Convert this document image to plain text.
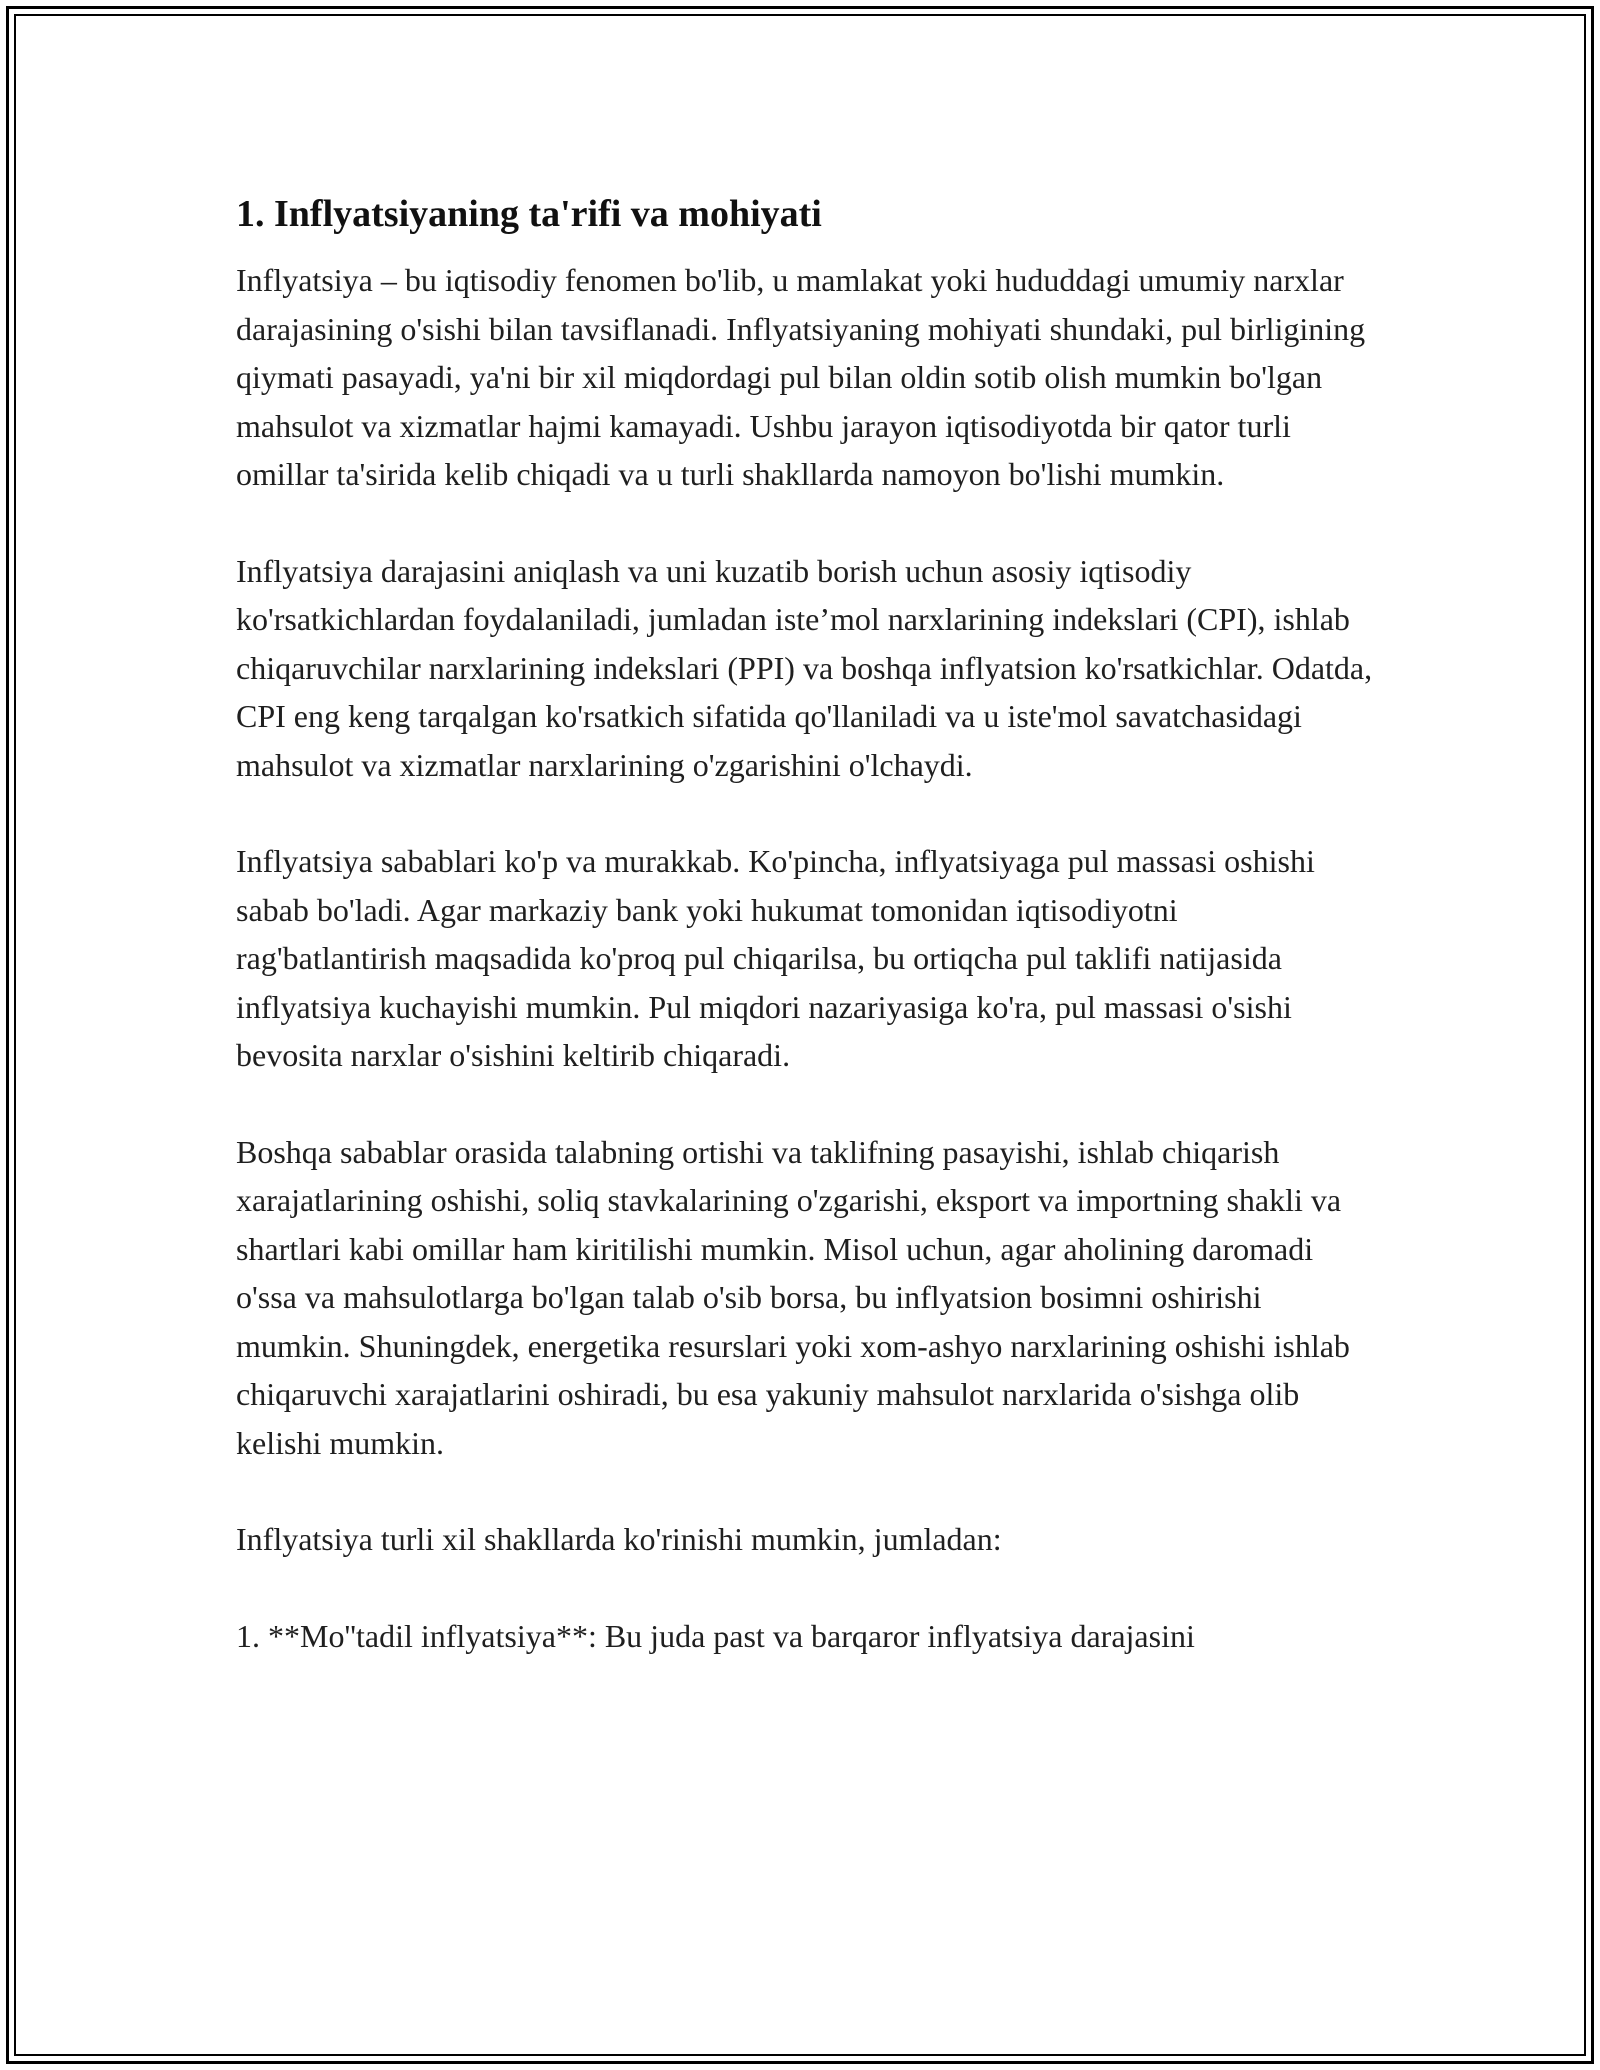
1. Inflyatsiyaning ta'rifi va mohiyati

Inflyatsiya – bu iqtisodiy fenomen bo'lib, u mamlakat yoki hududdagi umumiy narxlar darajasining o'sishi bilan tavsiflanadi. Inflyatsiyaning mohiyati shundaki, pul birligining qiymati pasayadi, ya'ni bir xil miqdordagi pul bilan oldin sotib olish mumkin bo'lgan mahsulot va xizmatlar hajmi kamayadi. Ushbu jarayon iqtisodiyotda bir qator turli omillar ta'sirida kelib chiqadi va u turli shakllarda namoyon bo'lishi mumkin.

Inflyatsiya darajasini aniqlash va uni kuzatib borish uchun asosiy iqtisodiy ko'rsatkichlardan foydalaniladi, jumladan iste’mol narxlarining indekslari (CPI), ishlab chiqaruvchilar narxlarining indekslari (PPI) va boshqa inflyatsion ko'rsatkichlar. Odatda, CPI eng keng tarqalgan ko'rsatkich sifatida qo'llaniladi va u iste'mol savatchasidagi mahsulot va xizmatlar narxlarining o'zgarishini o'lchaydi.

Inflyatsiya sabablari ko'p va murakkab. Ko'pincha, inflyatsiyaga pul massasi oshishi sabab bo'ladi. Agar markaziy bank yoki hukumat tomonidan iqtisodiyotni rag'batlantirish maqsadida ko'proq pul chiqarilsa, bu ortiqcha pul taklifi natijasida inflyatsiya kuchayishi mumkin. Pul miqdori nazariyasiga ko'ra, pul massasi o'sishi bevosita narxlar o'sishini keltirib chiqaradi.

Boshqa sabablar orasida talabning ortishi va taklifning pasayishi, ishlab chiqarish xarajatlarining oshishi, soliq stavkalarining o'zgarishi, eksport va importning shakli va shartlari kabi omillar ham kiritilishi mumkin. Misol uchun, agar aholining daromadi o'ssa va mahsulotlarga bo'lgan talab o'sib borsa, bu inflyatsion bosimni oshirishi mumkin. Shuningdek, energetika resurslari yoki xom-ashyo narxlarining oshishi ishlab chiqaruvchi xarajatlarini oshiradi, bu esa yakuniy mahsulot narxlarida o'sishga olib kelishi mumkin.

Inflyatsiya turli xil shakllarda ko'rinishi mumkin, jumladan:

1. **Mo''tadil inflyatsiya**: Bu juda past va barqaror inflyatsiya darajasini
